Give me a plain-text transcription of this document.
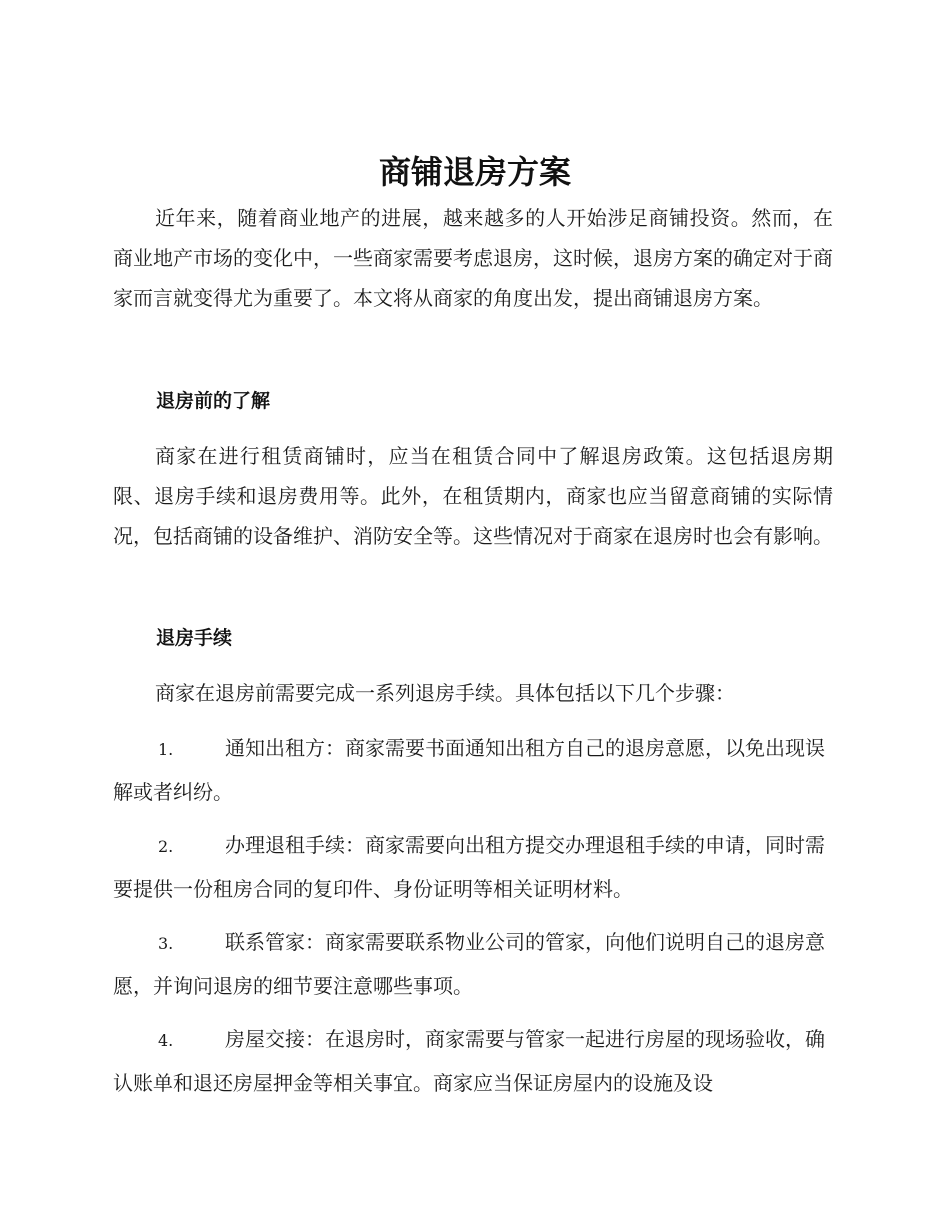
商铺退房方案

近年来，随着商业地产的进展，越来越多的人开始涉足商铺投资。然而，在商业地产市场的变化中，一些商家需要考虑退房，这时候，退房方案的确定对于商家而言就变得尤为重要了。本文将从商家的角度出发，提出商铺退房方案。

退房前的了解

商家在进行租赁商铺时，应当在租赁合同中了解退房政策。这包括退房期限、退房手续和退房费用等。此外，在租赁期内，商家也应当留意商铺的实际情况，包括商铺的设备维护、消防安全等。这些情况对于商家在退房时也会有影响。

退房手续

商家在退房前需要完成一系列退房手续。具体包括以下几个步骤：

1.	通知出租方：商家需要书面通知出租方自己的退房意愿，以免出现误解或者纠纷。

2.	办理退租手续：商家需要向出租方提交办理退租手续的申请，同时需要提供一份租房合同的复印件、身份证明等相关证明材料。

3.	联系管家：商家需要联系物业公司的管家，向他们说明自己的退房意愿，并询问退房的细节要注意哪些事项。

4.	房屋交接：在退房时，商家需要与管家一起进行房屋的现场验收，确认账单和退还房屋押金等相关事宜。商家应当保证房屋内的设施及设
